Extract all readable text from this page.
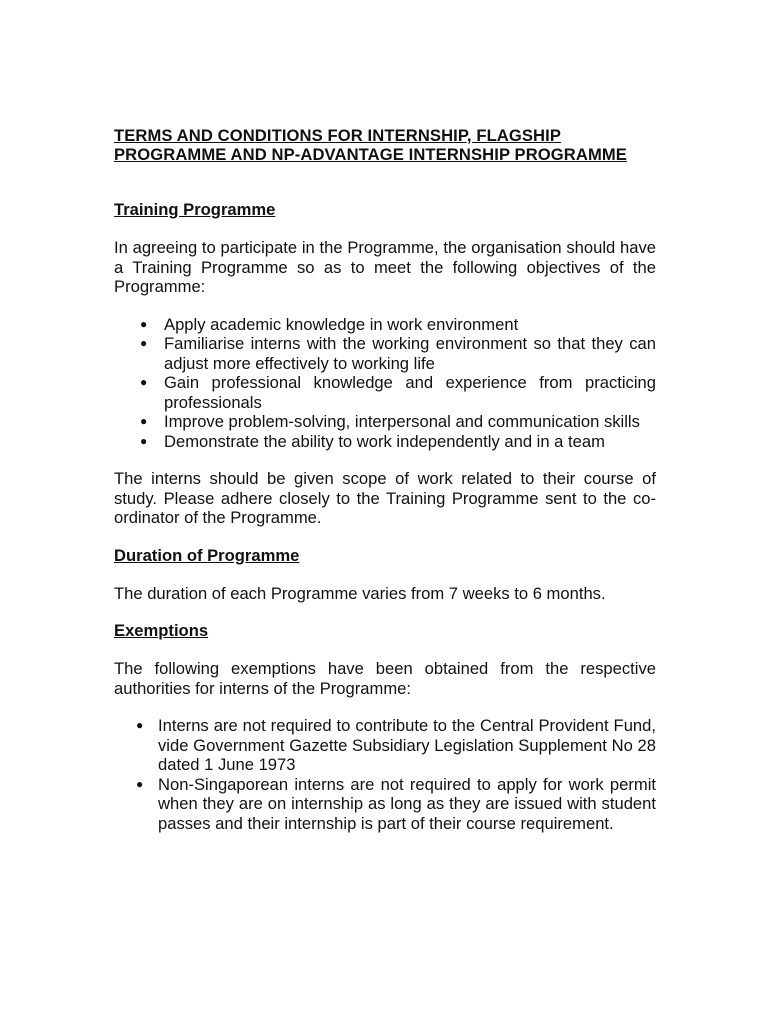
TERMS AND CONDITIONS FOR INTERNSHIP, FLAGSHIP
PROGRAMME AND NP-ADVANTAGE INTERNSHIP PROGRAMME
Training Programme

In agreeing to participate in the Programme, the organisation should have a Training Programme so as to meet the following objectives of the Programme:

● Apply academic knowledge in work environment
● Familiarise interns with the working environment so that they can adjust more effectively to working life
● Gain professional knowledge and experience from practicing professionals
● Improve problem-solving, interpersonal and communication skills
● Demonstrate the ability to work independently and in a team

The interns should be given scope of work related to their course of study. Please adhere closely to the Training Programme sent to the co-ordinator of the Programme.

Duration of Programme

The duration of each Programme varies from 7 weeks to 6 months.

Exemptions

The following exemptions have been obtained from the respective authorities for interns of the Programme:

● Interns are not required to contribute to the Central Provident Fund, vide Government Gazette Subsidiary Legislation Supplement No 28 dated 1 June 1973
● Non-Singaporean interns are not required to apply for work permit when they are on internship as long as they are issued with student passes and their internship is part of their course requirement.
